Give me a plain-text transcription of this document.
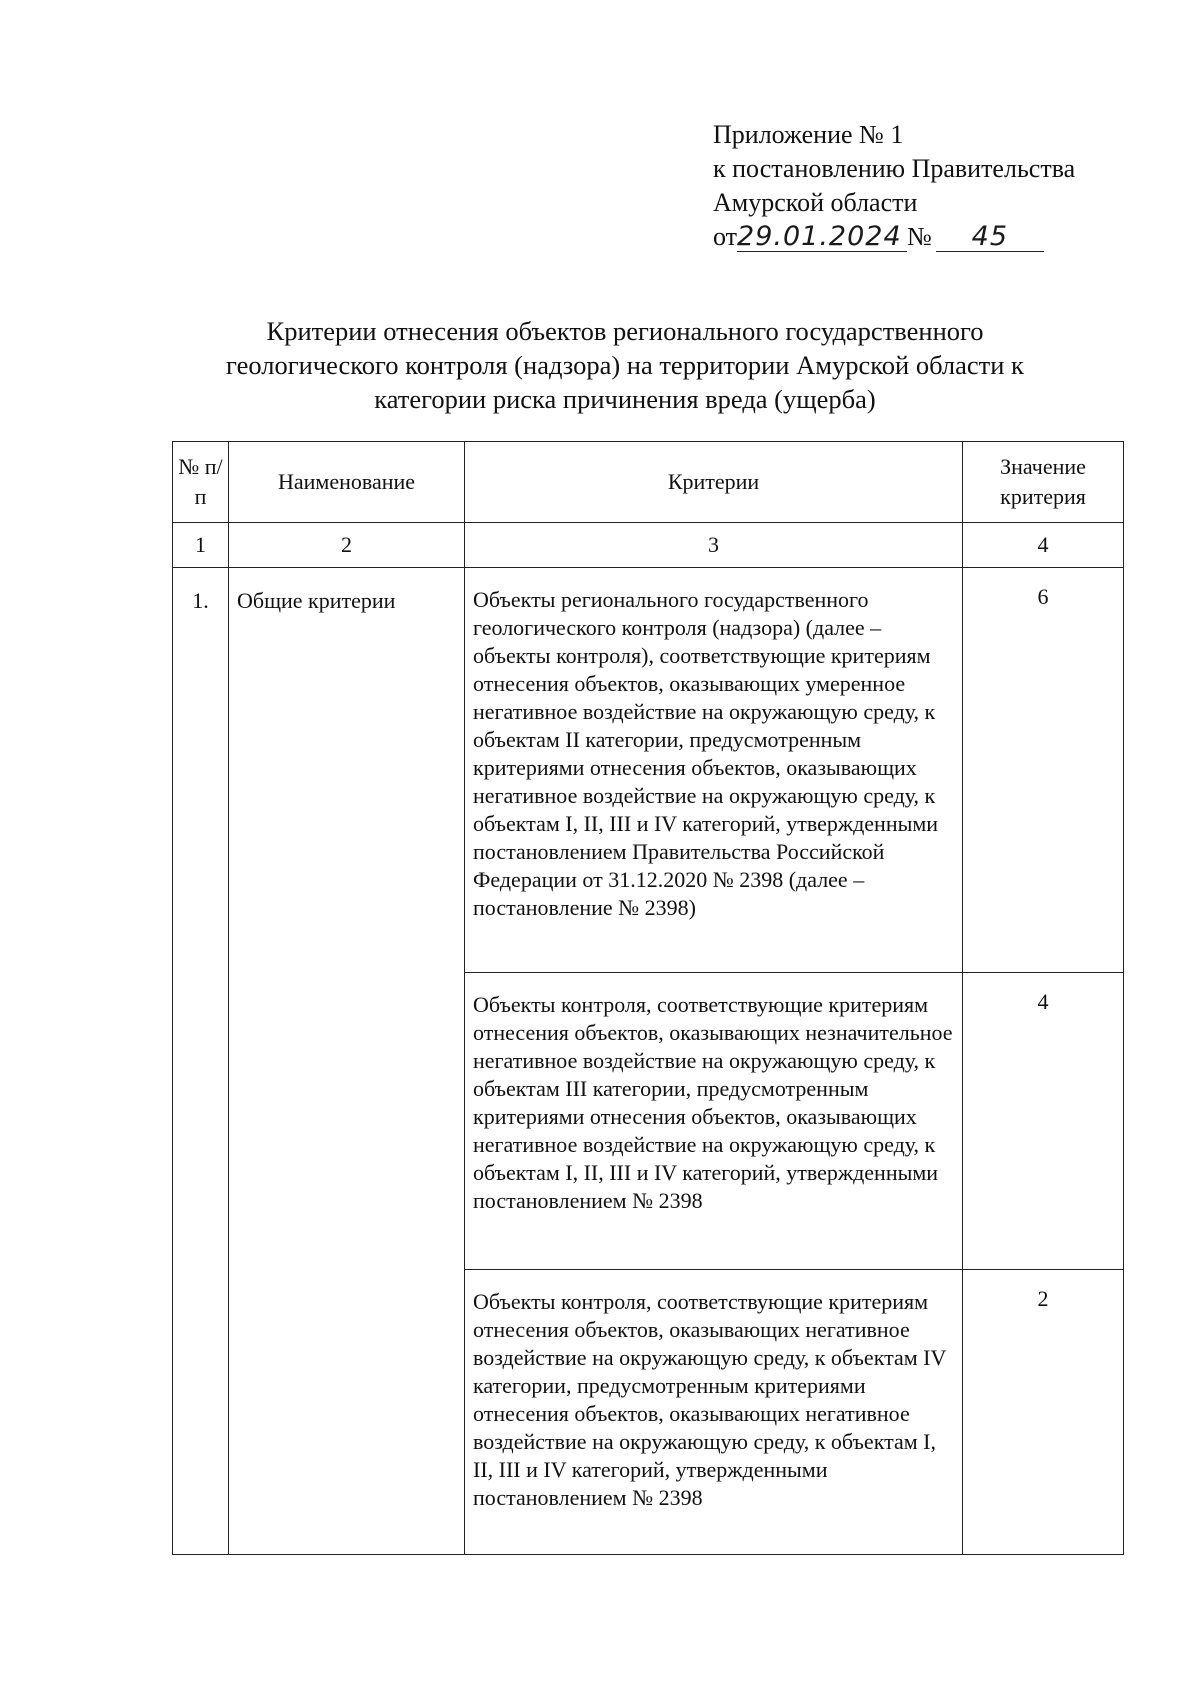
Приложение № 1
к постановлению Правительства
Амурской области
от29.01.2024 № 45
Критерии отнесения объектов регионального государственного
геологического контроля (надзора) на территории Амурской области к
категории риска причинения вреда (ущерба)
№ п/п	Наименование	Критерии	Значение критерия
1	2	3	4
1.	Общие критерии	Объекты регионального государственного геологического контроля (надзора) (далее – объекты контроля), соответствующие критериям отнесения объектов, оказывающих умеренное негативное воздействие на окружающую среду, к объектам II категории, предусмотренным критериями отнесения объектов, оказывающих негативное воздействие на окружающую среду, к объектам I, II, III и IV категорий, утвержденными постановлением Правительства Российской Федерации от 31.12.2020 № 2398 (далее – постановление № 2398)	6
		Объекты контроля, соответствующие критериям отнесения объектов, оказывающих незначительное негативное воздействие на окружающую среду, к объектам III категории, предусмотренным критериями отнесения объектов, оказывающих негативное воздействие на окружающую среду, к объектам I, II, III и IV категорий, утвержденными постановлением № 2398	4
		Объекты контроля, соответствующие критериям отнесения объектов, оказывающих негативное воздействие на окружающую среду, к объектам IV категории, предусмотренным критериями отнесения объектов, оказывающих негативное воздействие на окружающую среду, к объектам I, II, III и IV категорий, утвержденными постановлением № 2398	2
